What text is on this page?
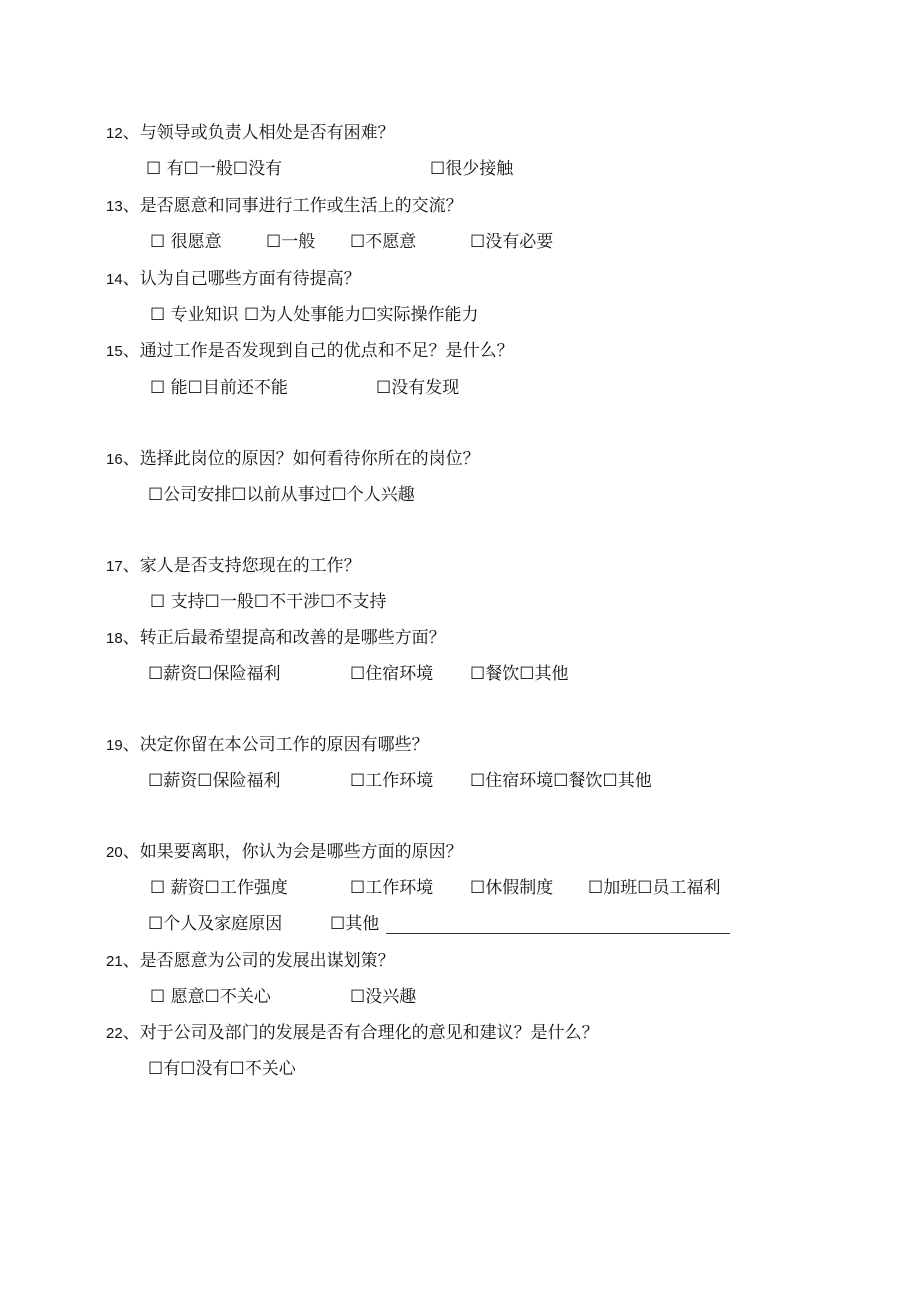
12、与领导或负责人相处是否有困难？
☐ 有☐一般☐没有	☐很少接触
13、是否愿意和同事进行工作或生活上的交流？
☐ 很愿意	☐一般 ☐不愿意	☐没有必要
14、认为自己哪些方面有待提高？
☐ 专业知识 ☐为人处事能力☐实际操作能力
15、通过工作是否发现到自己的优点和不足？是什么？
☐ 能☐目前还不能	☐没有发现
16、选择此岗位的原因？如何看待你所在的岗位？
☐公司安排☐以前从事过☐个人兴趣
17、家人是否支持您现在的工作？
☐ 支持☐一般☐不干涉☐不支持
18、转正后最希望提高和改善的是哪些方面？
☐薪资☐保险福利	☐住宿环境 ☐餐饮☐其他
19、决定你留在本公司工作的原因有哪些？
☐薪资☐保险福利	☐工作环境 ☐住宿环境☐餐饮☐其他
20、如果要离职，你认为会是哪些方面的原因？
☐ 薪资☐工作强度	☐工作环境 ☐休假制度 ☐加班☐员工福利
☐个人及家庭原因	☐其他
21、是否愿意为公司的发展出谋划策？
☐ 愿意☐不关心	☐没兴趣
22、对于公司及部门的发展是否有合理化的意见和建议？是什么？
☐有☐没有☐不关心
